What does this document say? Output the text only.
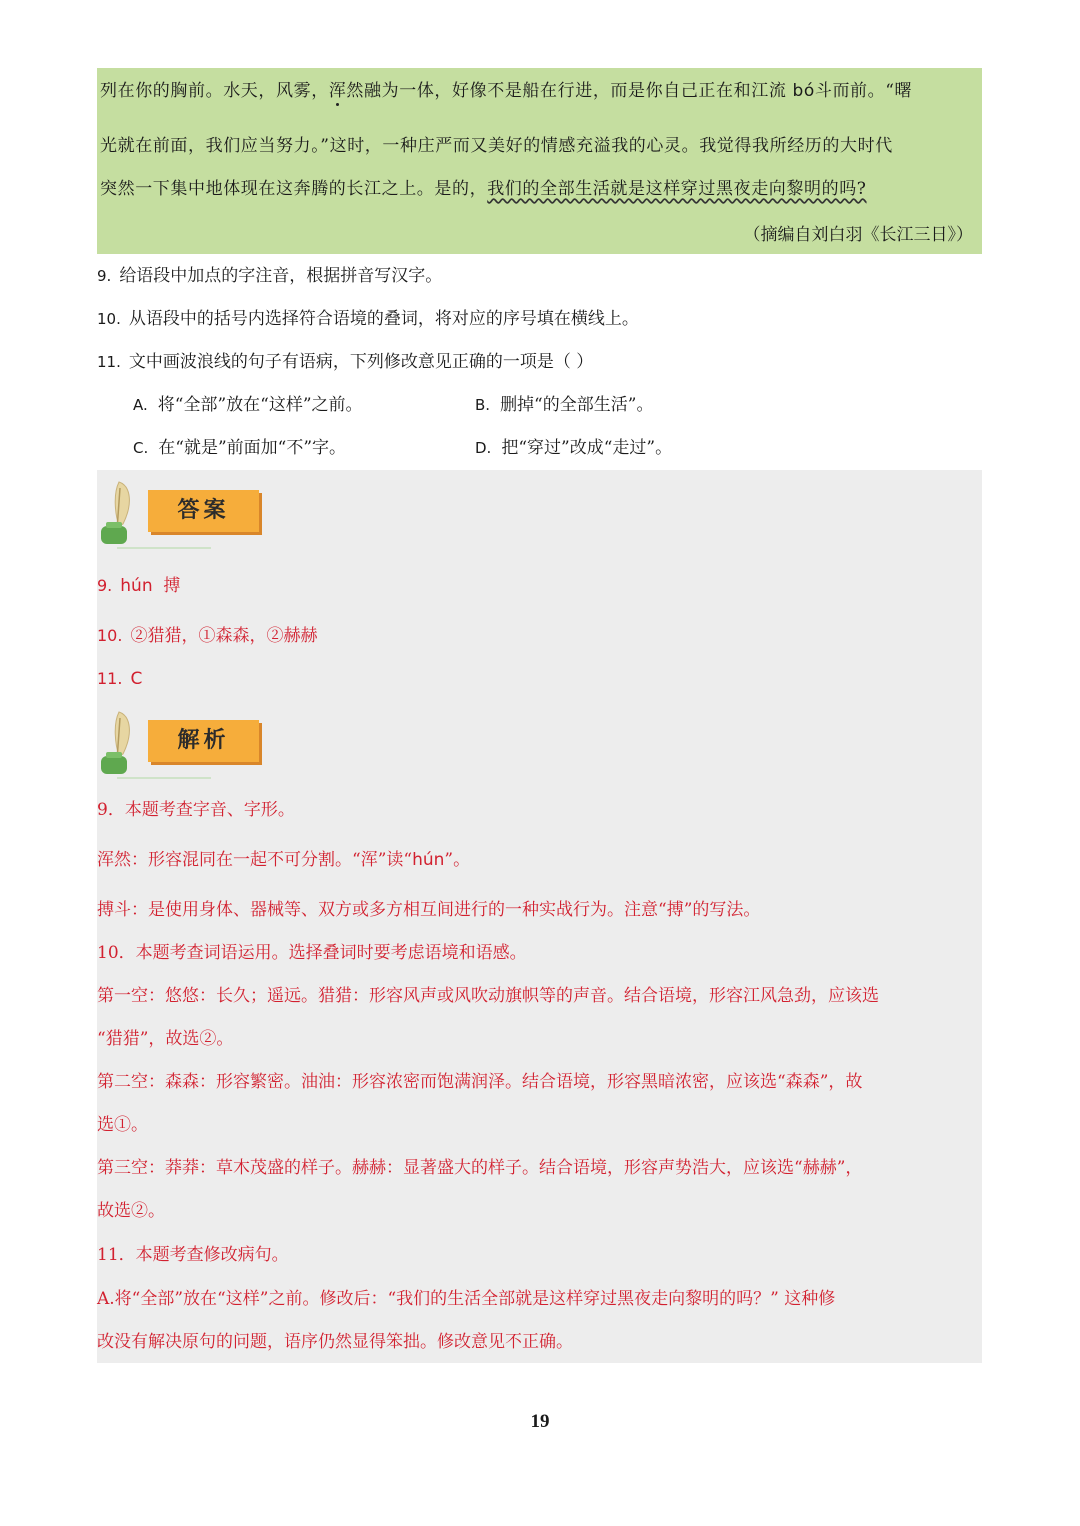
列在你的胸前。水天，风雾，浑然融为一体，好像不是船在行进，而是你自己正在和江流 bó斗而前。“曙
光就在前面，我们应当努力。”这时，一种庄严而又美好的情感充溢我的心灵。我觉得我所经历的大时代
突然一下集中地体现在这奔腾的长江之上。是的，我们的全部生活就是这样穿过黑夜走向黎明的吗?
（摘编自刘白羽《长江三日》）
9. 给语段中加点的字注音，根据拼音写汉字。
10. 从语段中的括号内选择符合语境的叠词，将对应的序号填在横线上。
11. 文中画波浪线的句子有语病，下列修改意见正确的一项是（ ）
A. 将“全部”放在“这样”之前。	B. 删掉“的全部生活”。
C. 在“就是”前面加“不”字。	D. 把“穿过”改成“走过”。
答案
9. hún 搏
10. ②猎猎，①森森，②赫赫
11. C
解析
9．本题考查字音、字形。
浑然：形容混同在一起不可分割。“浑”读“hún”。
搏斗：是使用身体、器械等、双方或多方相互间进行的一种实战行为。注意“搏”的写法。
10．本题考查词语运用。选择叠词时要考虑语境和语感。
第一空：悠悠：长久；遥远。猎猎：形容风声或风吹动旗帜等的声音。结合语境，形容江风急劲，应该选
“猎猎”，故选②。
第二空：森森：形容繁密。油油：形容浓密而饱满润泽。结合语境，形容黑暗浓密，应该选“森森”，故
选①。
第三空：莽莽：草木茂盛的样子。赫赫：显著盛大的样子。结合语境，形容声势浩大，应该选“赫赫”，
故选②。
11．本题考查修改病句。
A.将“全部”放在“这样”之前。修改后：“我们的生活全部就是这样穿过黑夜走向黎明的吗？” 这种修
改没有解决原句的问题，语序仍然显得笨拙。修改意见不正确。
19
